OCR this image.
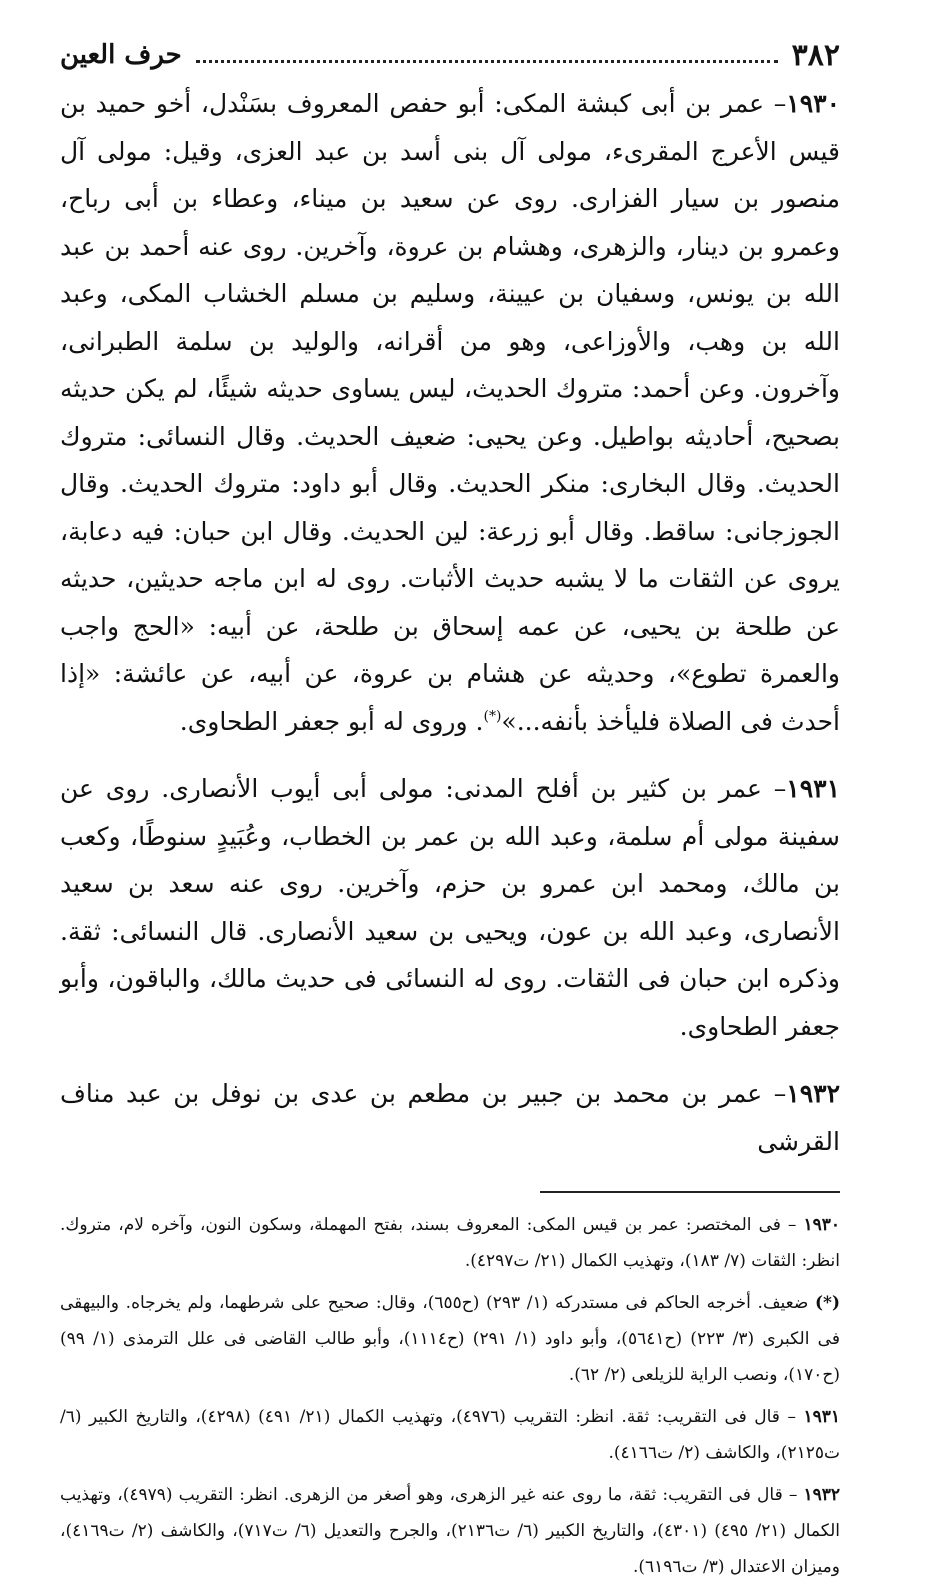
٣٨٢
حرف العين

١٩٣٠– عمر بن أبى كبشة المكى: أبو حفص المعروف بسَنْدل، أخو حميد بن قيس الأعرج المقرىء، مولى آل بنى أسد بن عبد العزى، وقيل: مولى آل منصور بن سيار الفزارى. روى عن سعيد بن ميناء، وعطاء بن أبى رباح، وعمرو بن دينار، والزهرى، وهشام بن عروة، وآخرين. روى عنه أحمد بن عبد الله بن يونس، وسفيان بن عيينة، وسليم بن مسلم الخشاب المكى، وعبد الله بن وهب، والأوزاعى، وهو من أقرانه، والوليد بن سلمة الطبرانى، وآخرون. وعن أحمد: متروك الحديث، ليس يساوى حديثه شيئًا، لم يكن حديثه بصحيح، أحاديثه بواطيل. وعن يحيى: ضعيف الحديث. وقال النسائى: متروك الحديث. وقال البخارى: منكر الحديث. وقال أبو داود: متروك الحديث. وقال الجوزجانى: ساقط. وقال أبو زرعة: لين الحديث. وقال ابن حبان: فيه دعابة، يروى عن الثقات ما لا يشبه حديث الأثبات. روى له ابن ماجه حديثين، حديثه عن طلحة بن يحيى، عن عمه إسحاق بن طلحة، عن أبيه: «الحج واجب والعمرة تطوع»، وحديثه عن هشام بن عروة، عن أبيه، عن عائشة: «إذا أحدث فى الصلاة فليأخذ بأنفه...»(*). وروى له أبو جعفر الطحاوى.

١٩٣١– عمر بن كثير بن أفلح المدنى: مولى أبى أيوب الأنصارى. روى عن سفينة مولى أم سلمة، وعبد الله بن عمر بن الخطاب، وعُبَيدٍ سنوطًا، وكعب بن مالك، ومحمد ابن عمرو بن حزم، وآخرين. روى عنه سعد بن سعيد الأنصارى، وعبد الله بن عون، ويحيى بن سعيد الأنصارى. قال النسائى: ثقة. وذكره ابن حبان فى الثقات. روى له النسائى فى حديث مالك، والباقون، وأبو جعفر الطحاوى.

١٩٣٢– عمر بن محمد بن جبير بن مطعم بن عدى بن نوفل بن عبد مناف القرشى

١٩٣٠ – فى المختصر: عمر بن قيس المكى: المعروف بسند، بفتح المهملة، وسكون النون، وآخره لام، متروك. انظر: الثقات (٧/ ١٨٣)، وتهذيب الكمال (٢١/ ت٤٢٩٧).

(*) ضعيف. أخرجه الحاكم فى مستدركه (١/ ٢٩٣) (ح٦٥٥)، وقال: صحيح على شرطهما، ولم يخرجاه. والبيهقى فى الكبرى (٣/ ٢٢٣) (ح٥٦٤١)، وأبو داود (١/ ٢٩١) (ح١١١٤)، وأبو طالب القاضى فى علل الترمذى (١/ ٩٩) (ح١٧٠)، ونصب الراية للزيلعى (٢/ ٦٢).

١٩٣١ – قال فى التقريب: ثقة. انظر: التقريب (٤٩٧٦)، وتهذيب الكمال (٢١/ ٤٩١) (٤٢٩٨)، والتاريخ الكبير (٦/ ت٢١٢٥)، والكاشف (٢/ ت٤١٦٦).

١٩٣٢ – قال فى التقريب: ثقة، ما روى عنه غير الزهرى، وهو أصغر من الزهرى. انظر: التقريب (٤٩٧٩)، وتهذيب الكمال (٢١/ ٤٩٥) (٤٣٠١)، والتاريخ الكبير (٦/ ت٢١٣٦)، والجرح والتعديل (٦/ ت٧١٧)، والكاشف (٢/ ت٤١٦٩)، وميزان الاعتدال (٣/ ت٦١٩٦).
